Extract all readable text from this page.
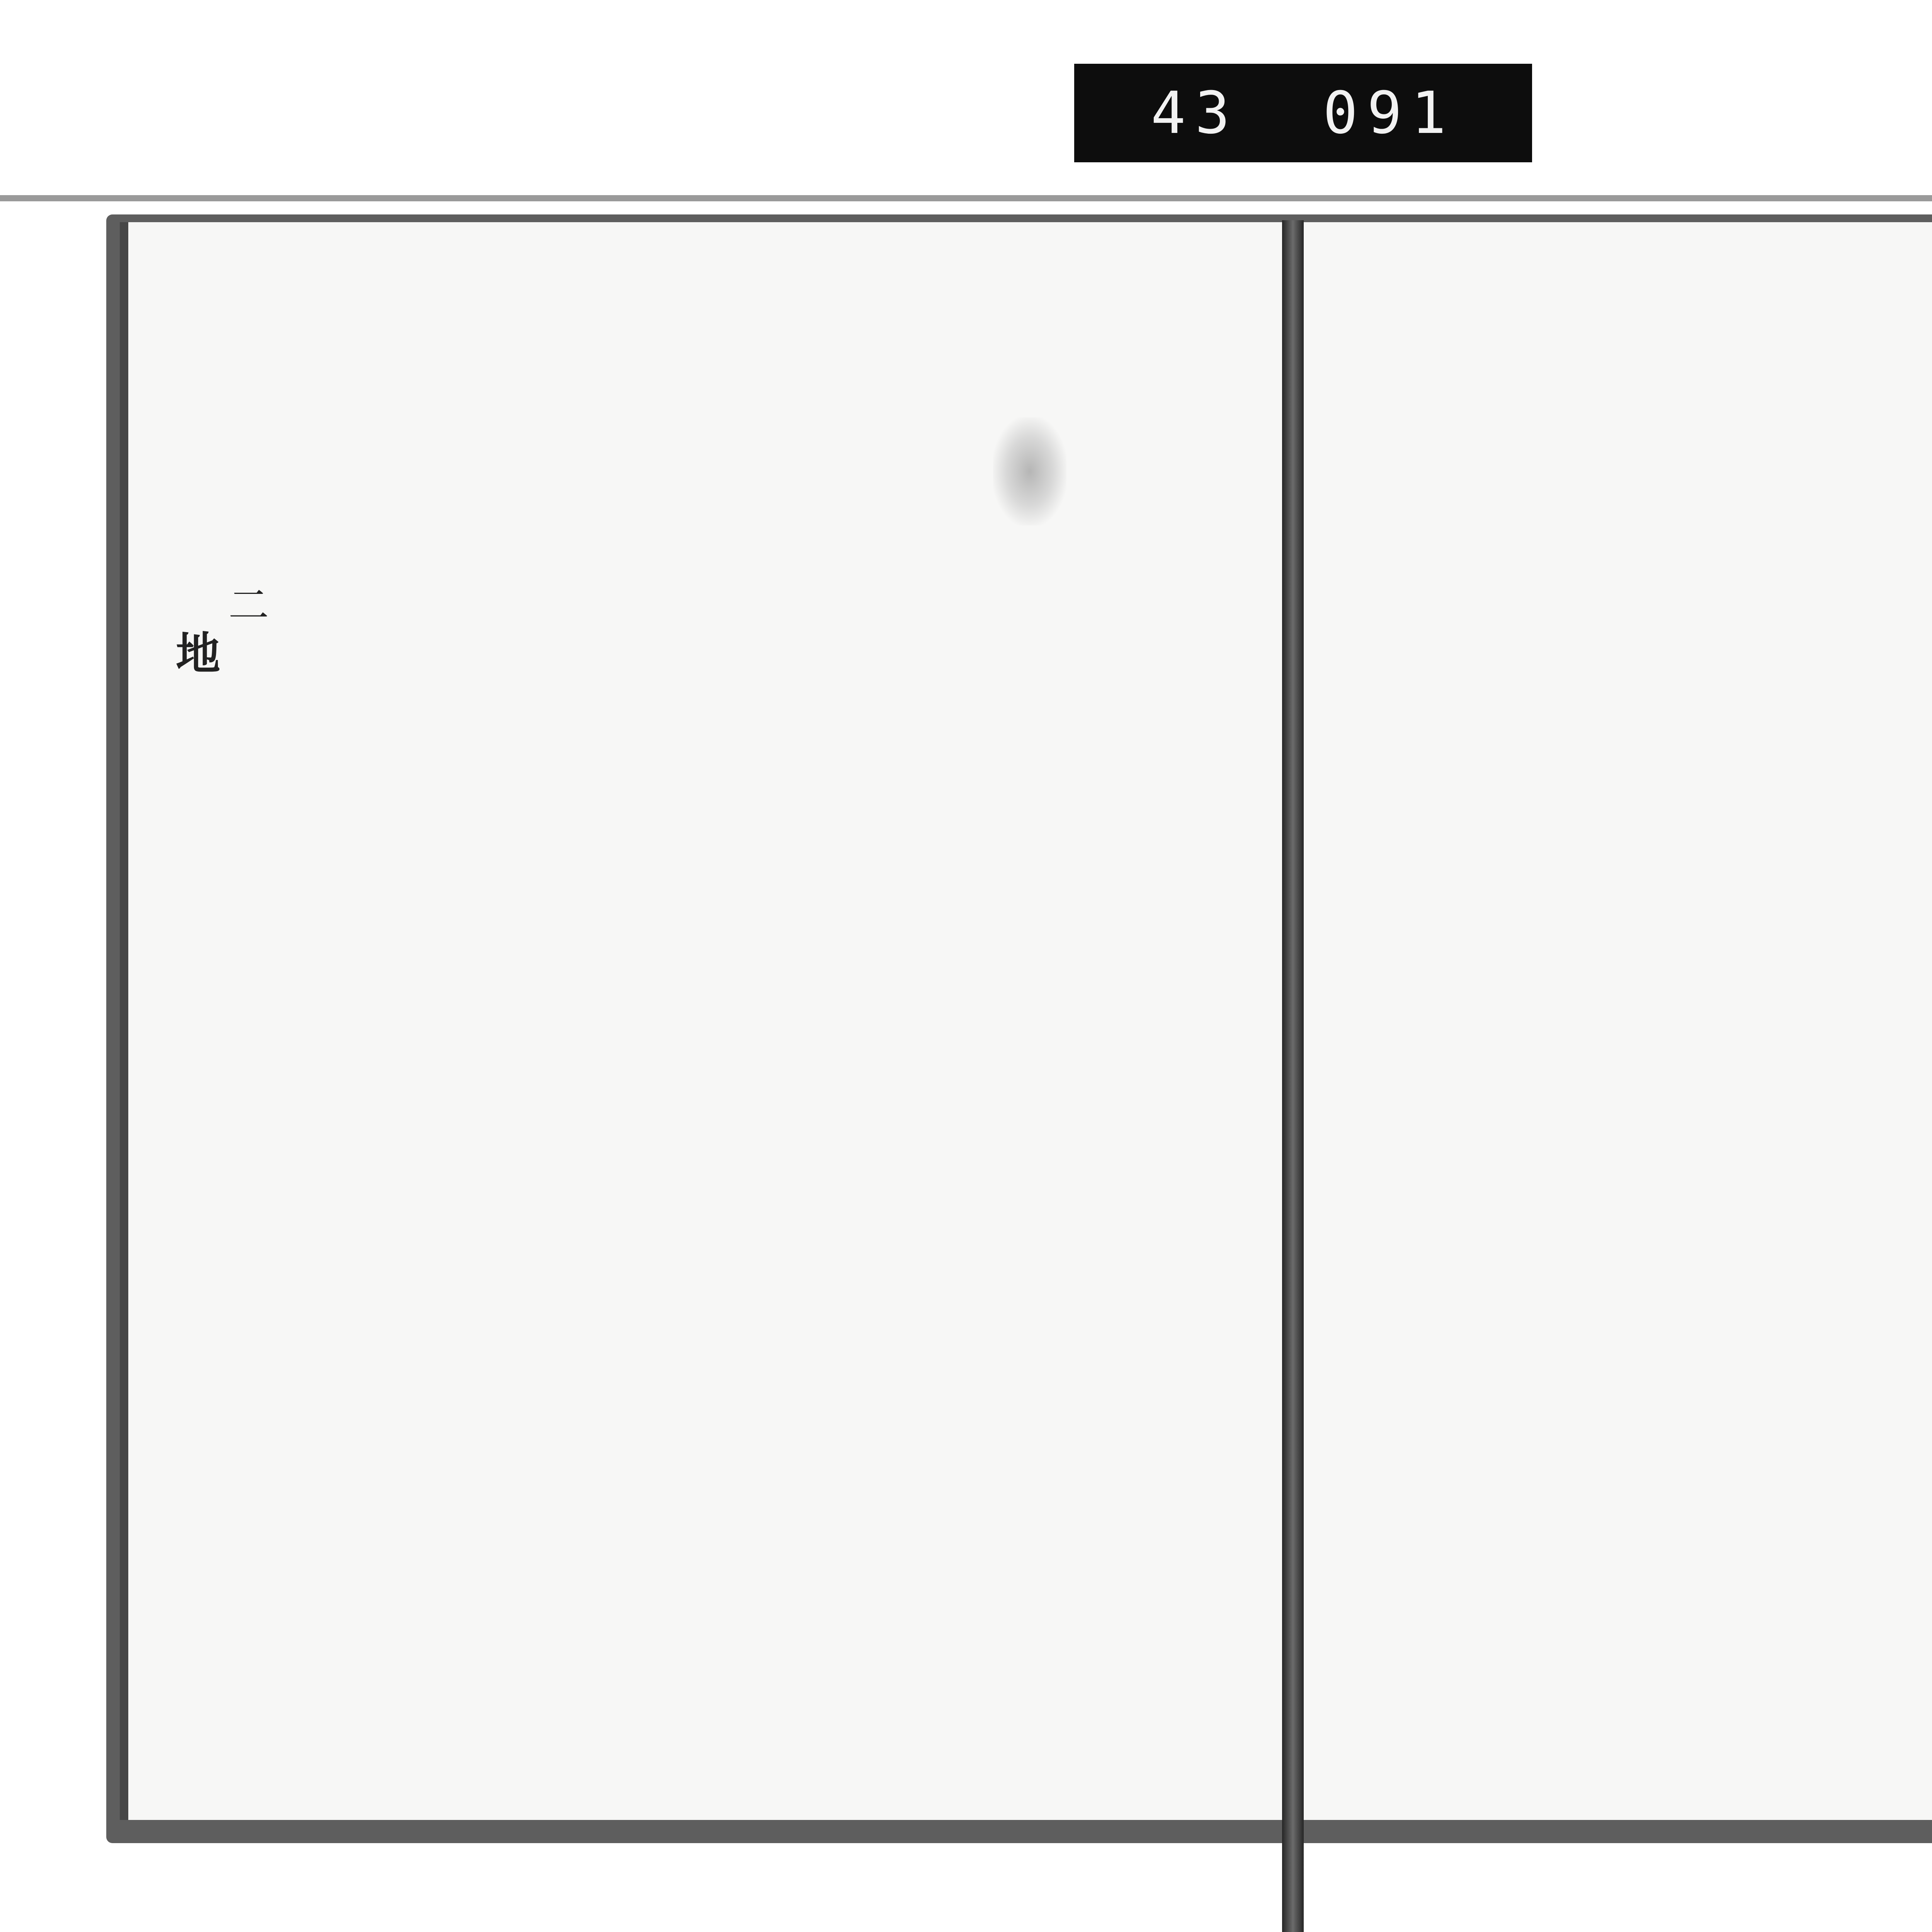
43 091
二
地
